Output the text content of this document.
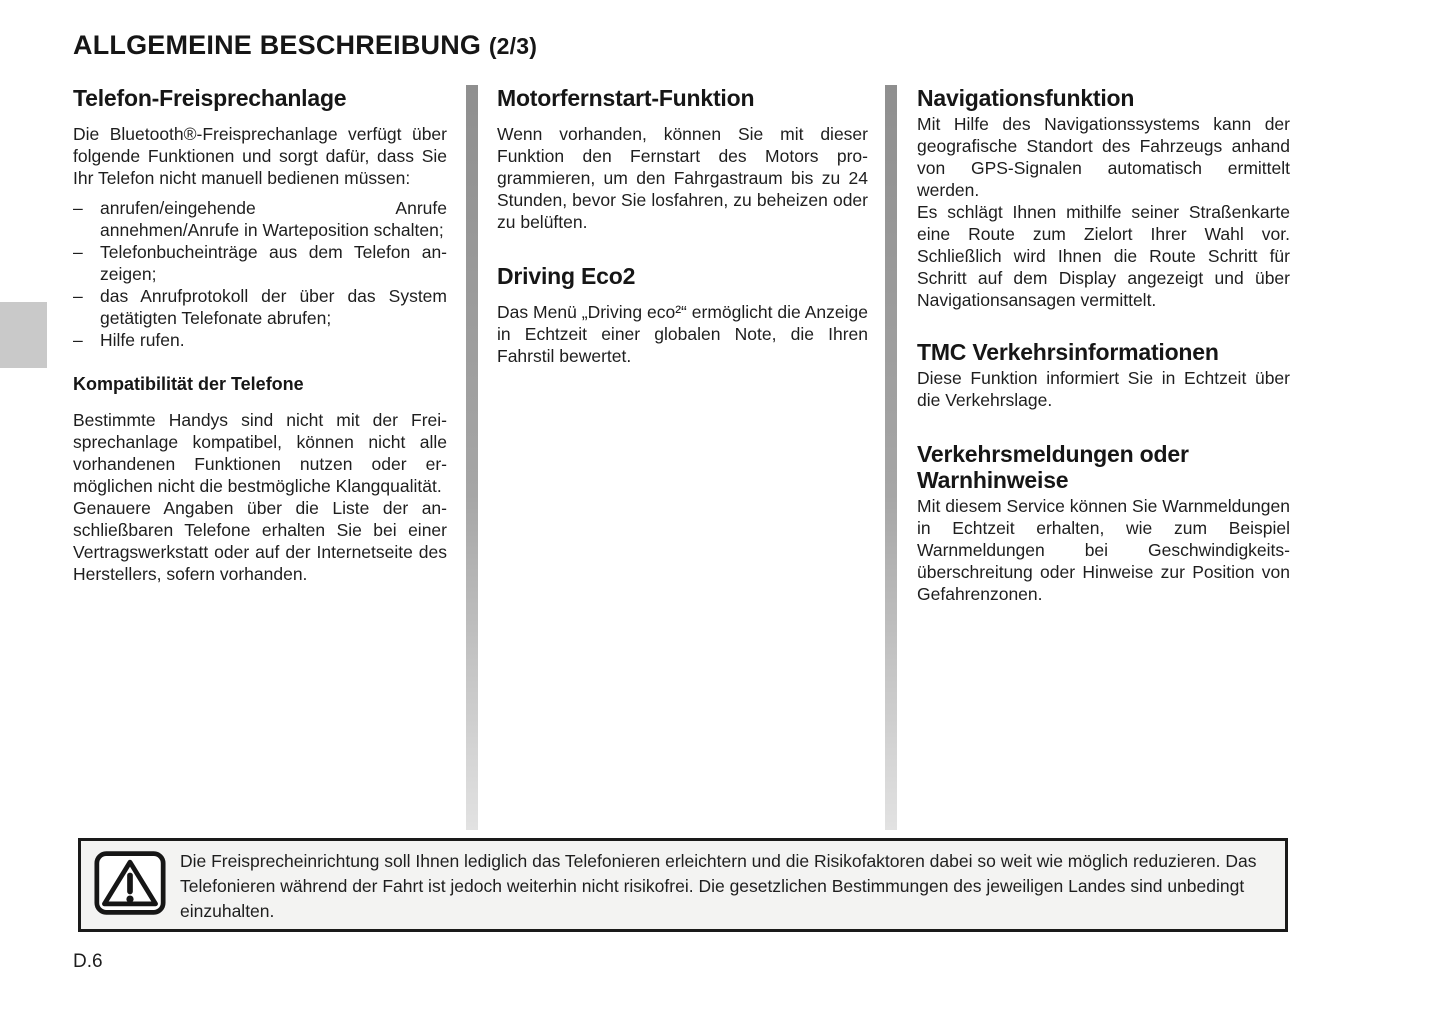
ALLGEMEINE BESCHREIBUNG (2/3)
Telefon-Freisprechanlage

Die Bluetooth®-Freisprechanlage verfügt über folgende Funktionen und sorgt dafür, dass Sie Ihr Telefon nicht manuell bedienen müssen:

– anrufen/eingehende Anrufe annehmen/Anrufe in Warteposition schalten;
– Telefonbucheinträge aus dem Telefon anzeigen;
– das Anrufprotokoll der über das System getätigten Telefonate abrufen;
– Hilfe rufen.
Kompatibilität der Telefone

Bestimmte Handys sind nicht mit der Freisprechanlage kompatibel, können nicht alle vorhandenen Funktionen nutzen oder ermöglichen nicht die bestmögliche Klangqualität.

Genauere Angaben über die Liste der anschließbaren Telefone erhalten Sie bei einer Vertragswerkstatt oder auf der Internetseite des Herstellers, sofern vorhanden.

Motorfernstart-Funktion

Wenn vorhanden, können Sie mit dieser Funktion den Fernstart des Motors programmieren, um den Fahrgastraum bis zu 24 Stunden, bevor Sie losfahren, zu beheizen oder zu belüften.

Driving Eco2

Das Menü „Driving eco²“ ermöglicht die Anzeige in Echtzeit einer globalen Note, die Ihren Fahrstil bewertet.

Navigationsfunktion

Mit Hilfe des Navigationssystems kann der geografische Standort des Fahrzeugs anhand von GPS-Signalen automatisch ermittelt werden.

Es schlägt Ihnen mithilfe seiner Straßenkarte eine Route zum Zielort Ihrer Wahl vor. Schließlich wird Ihnen die Route Schritt für Schritt auf dem Display angezeigt und über Navigationsansagen vermittelt.

TMC Verkehrsinformationen

Diese Funktion informiert Sie in Echtzeit über die Verkehrslage.

Verkehrsmeldungen oder Warnhinweise

Mit diesem Service können Sie Warnmeldungen in Echtzeit erhalten, wie zum Beispiel Warnmeldungen bei Geschwindigkeitsüberschreitung oder Hinweise zur Position von Gefahrenzonen.

Die Freisprecheinrichtung soll Ihnen lediglich das Telefonieren erleichtern und die Risikofaktoren dabei so weit wie möglich reduzieren. Das Telefonieren während der Fahrt ist jedoch weiterhin nicht risikofrei. Die gesetzlichen Bestimmungen des jeweiligen Landes sind unbedingt einzuhalten.

D.6
